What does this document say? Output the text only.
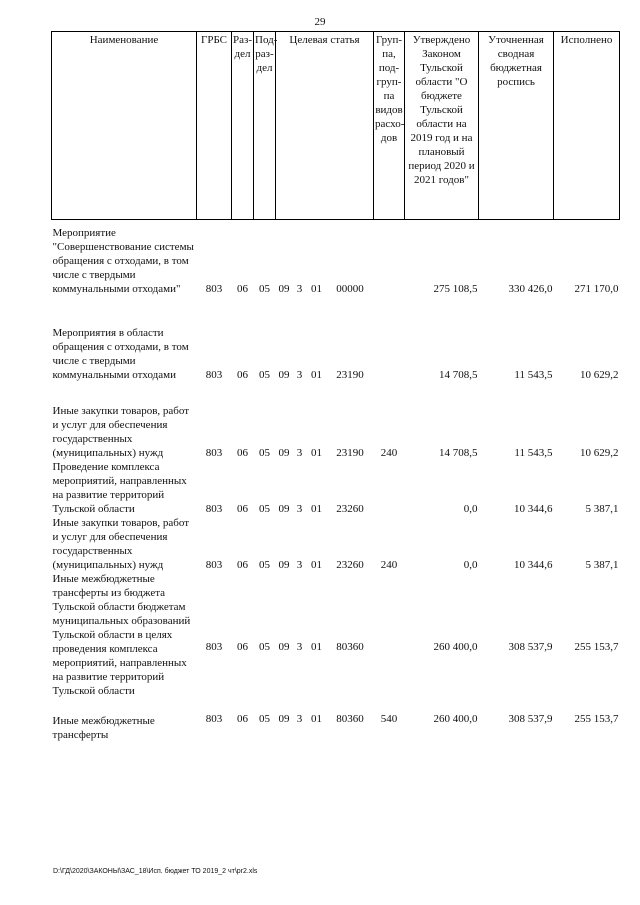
29
Наименование	ГРБС	Раз-дел	Под-раз-дел	Целевая статья				Груп-па, под-груп-па видов расхо-дов	Утверждено Законом Тульской области "О бюджете Тульской области на 2019 год и на плановый период 2020 и 2021 годов"	Уточненная сводная бюджетная роспись	Исполнено

Мероприятие "Совершенствование системы обращения с отходами, в том числе с твердыми коммунальными отходами"	803	06	05	09	3	01	00000		275 108,5	330 426,0	271 170,0

Мероприятия в области обращения с отходами, в том числе с твердыми коммунальными отходами	803	06	05	09	3	01	23190		14 708,5	11 543,5	10 629,2

Иные закупки товаров, работ и услуг для обеспечения государственных (муниципальных) нужд	803	06	05	09	3	01	23190	240	14 708,5	11 543,5	10 629,2
Проведение комплекса мероприятий, направленных на развитие территорий Тульской области	803	06	05	09	3	01	23260		0,0	10 344,6	5 387,1
Иные закупки товаров, работ и услуг для обеспечения государственных (муниципальных) нужд	803	06	05	09	3	01	23260	240	0,0	10 344,6	5 387,1
Иные межбюджетные трансферты из бюджета Тульской области бюджетам муниципальных образований Тульской области в целях проведения комплекса мероприятий, направленных на развитие территорий Тульской области	803	06	05	09	3	01	80360		260 400,0	308 537,9	255 153,7
Иные межбюджетные трансферты	803	06	05	09	3	01	80360	540	260 400,0	308 537,9	255 153,7
D:\ГД\2020\ЗАКОНЫ\ЗАС_18\Исп. бюджет ТО 2019_2 чт\pr2.xls
